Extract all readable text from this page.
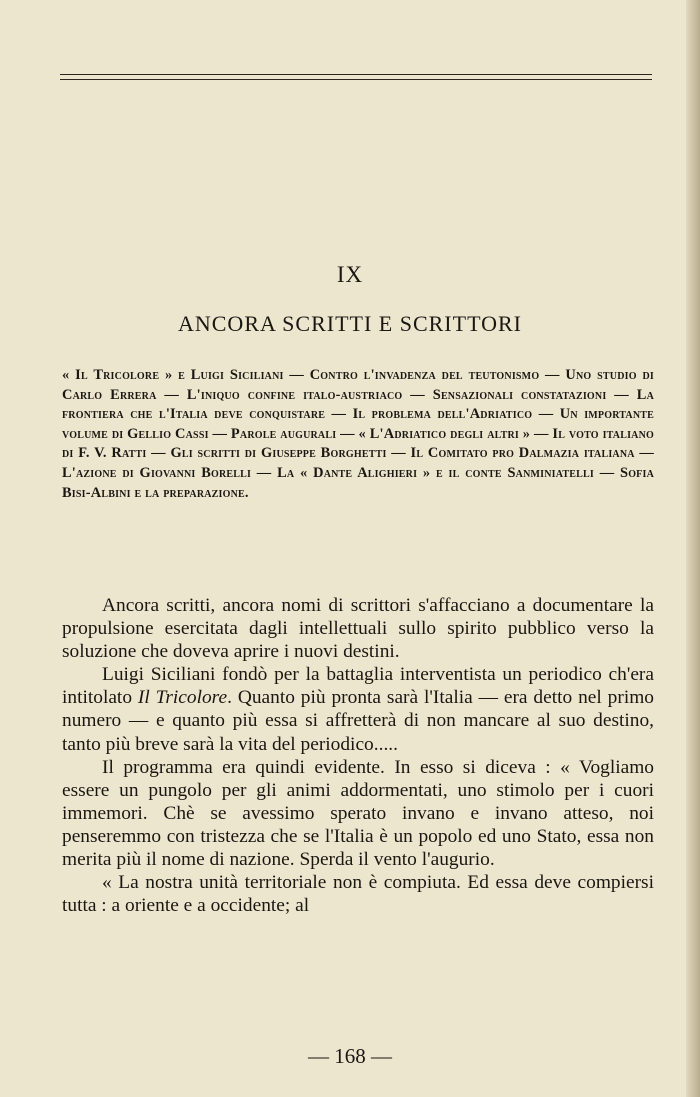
IX
ANCORA SCRITTI E SCRITTORI
« Il Tricolore » e Luigi Siciliani — Contro l'invadenza del teutonismo — Uno studio di Carlo Errera — L'iniquo confine italo-austriaco — Sensazionali constatazioni — La frontiera che l'Italia deve conquistare — Il problema dell'Adriatico — Un importante volume di Gellio Cassi — Parole augurali — « L'Adriatico degli altri » — Il voto italiano di F. V. Ratti — Gli scritti di Giuseppe Borghetti — Il Comitato pro Dalmazia italiana — L'azione di Giovanni Borelli — La « Dante Alighieri » e il conte Sanminiatelli — Sofia Bisi-Albini e la preparazione.

Ancora scritti, ancora nomi di scrittori s'affacciano a documentare la propulsione esercitata dagli intellettuali sullo spirito pubblico verso la soluzione che doveva aprire i nuovi destini.

Luigi Siciliani fondò per la battaglia interventista un periodico ch'era intitolato Il Tricolore. Quanto più pronta sarà l'Italia — era detto nel primo numero — e quanto più essa si affretterà di non mancare al suo destino, tanto più breve sarà la vita del periodico.....

Il programma era quindi evidente. In esso si diceva : « Vogliamo essere un pungolo per gli animi addormentati, uno stimolo per i cuori immemori. Chè se avessimo sperato invano e invano atteso, noi penseremmo con tristezza che se l'Italia è un popolo ed uno Stato, essa non merita più il nome di nazione. Sperda il vento l'augurio.

« La nostra unità territoriale non è compiuta. Ed essa deve compiersi tutta : a oriente e a occidente; al

— 168 —
